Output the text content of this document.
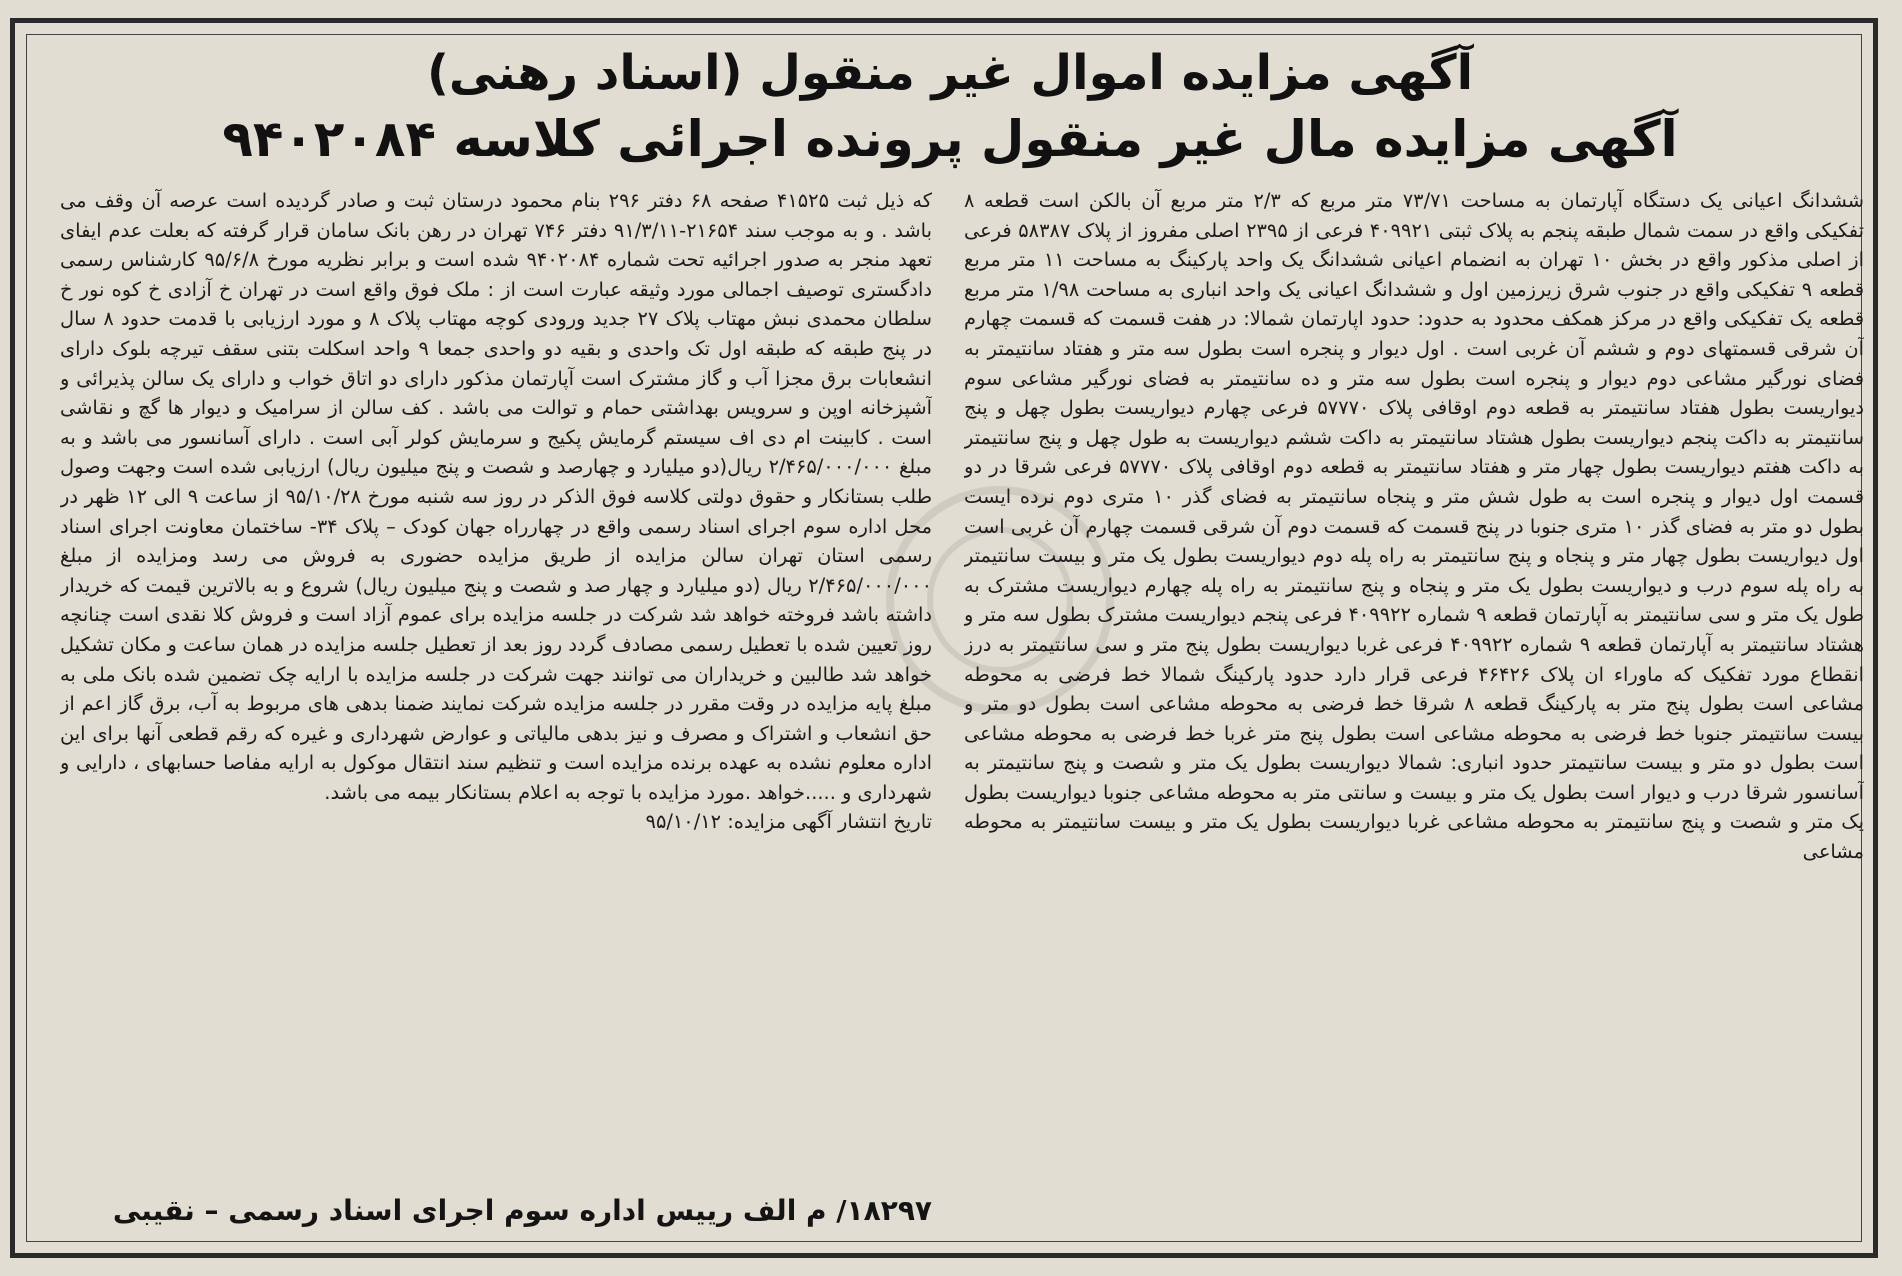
آگهی مزایده اموال غیر منقول (اسناد رهنی)
آگهی مزایده مال غیر منقول پرونده اجرائی کلاسه ۹۴۰۲۰۸۴

ششدانگ اعیانی یک دستگاه آپارتمان به مساحت ۷۳/۷۱ متر مربع که ۲/۳ متر مربع آن بالکن است قطعه ۸ تفکیکی واقع در سمت شمال طبقه پنجم به پلاک ثبتی ۴۰۹۹۲۱ فرعی از ۲۳۹۵ اصلی مفروز از پلاک ۵۸۳۸۷ فرعی از اصلی مذکور واقع در بخش ۱۰ تهران به انضمام اعیانی ششدانگ یک واحد پارکینگ به مساحت ۱۱ متر مربع قطعه ۹ تفکیکی واقع در جنوب شرق زیرزمین اول و ششدانگ اعیانی یک واحد انباری به مساحت ۱/۹۸ متر مربع قطعه یک تفکیکی واقع در مرکز همکف محدود به حدود: حدود اپارتمان شمالا: در هفت قسمت که قسمت چهارم آن شرقی قسمتهای دوم و ششم آن غربی است . اول دیوار و پنجره است بطول سه متر و هفتاد سانتیمتر به فضای نورگیر مشاعی دوم دیوار و پنجره است بطول سه متر و ده سانتیمتر به فضای نورگیر مشاعی سوم دیواریست بطول هفتاد سانتیمتر به قطعه دوم اوقافی پلاک ۵۷۷۷۰ فرعی چهارم دیواریست بطول چهل و پنج سانتیمتر به داکت پنجم دیواریست بطول هشتاد سانتیمتر به داکت ششم دیواریست به طول چهل و پنج سانتیمتر به داکت هفتم دیواریست بطول چهار متر و هفتاد سانتیمتر به قطعه دوم اوقافی پلاک ۵۷۷۷۰ فرعی شرقا در دو قسمت اول دیوار و پنجره است به طول شش متر و پنجاه سانتیمتر به فضای گذر ۱۰ متری دوم نرده ایست بطول دو متر به فضای گذر ۱۰ متری جنوبا در پنج قسمت که قسمت دوم آن شرقی قسمت چهارم آن غربی است اول دیواریست بطول چهار متر و پنجاه و پنج سانتیمتر به راه پله دوم دیواریست بطول یک متر و بیست سانتیمتر به راه پله سوم درب و دیواریست بطول یک متر و پنجاه و پنج سانتیمتر به راه پله چهارم دیواریست مشترک به طول یک متر و سی سانتیمتر به آپارتمان قطعه ۹ شماره ۴۰۹۹۲۲ فرعی پنجم دیواریست مشترک بطول سه متر و هشتاد سانتیمتر به آپارتمان قطعه ۹ شماره ۴۰۹۹۲۲ فرعی غربا دیواریست بطول پنج متر و سی سانتیمتر به درز انقطاع مورد تفکیک که ماوراء ان پلاک ۴۶۴۲۶ فرعی قرار دارد حدود پارکینگ شمالا خط فرضی به محوطه مشاعی است بطول پنج متر به پارکینگ قطعه ۸ شرقا خط فرضی به محوطه مشاعی است بطول دو متر و بیست سانتیمتر جنوبا خط فرضی به محوطه مشاعی است بطول پنج متر غربا خط فرضی به محوطه مشاعی است بطول دو متر و بیست سانتیمتر حدود انباری: شمالا دیواریست بطول یک متر و شصت و پنج سانتیمتر به آسانسور شرقا درب و دیوار است بطول یک متر و بیست و سانتی متر به محوطه مشاعی جنوبا دیواریست بطول یک متر و شصت و پنج سانتیمتر به محوطه مشاعی غربا دیواریست بطول یک متر و بیست سانتیمتر به محوطه مشاعی

که ذیل ثبت ۴۱۵۲۵ صفحه ۶۸ دفتر ۲۹۶ بنام محمود درستان ثبت و صادر گردیده است عرصه آن وقف می باشد . و به موجب سند ۲۱۶۵۴-۹۱/۳/۱۱ دفتر ۷۴۶ تهران در رهن بانک سامان قرار گرفته که بعلت عدم ایفای تعهد منجر به صدور اجرائیه تحت شماره ۹۴۰۲۰۸۴ شده است و برابر نظریه مورخ ۹۵/۶/۸ کارشناس رسمی دادگستری توصیف اجمالی مورد وثیقه عبارت است از : ملک فوق واقع است در تهران خ آزادی خ کوه نور خ سلطان محمدی نبش مهتاب پلاک ۲۷ جدید ورودی کوچه مهتاب پلاک ۸ و مورد ارزیابی با قدمت حدود ۸ سال در پنج طبقه که طبقه اول تک واحدی و بقیه دو واحدی جمعا ۹ واحد اسکلت بتنی سقف تیرچه بلوک دارای انشعابات برق مجزا آب و گاز مشترک است آپارتمان مذکور دارای دو اتاق خواب و دارای یک سالن پذیرائی و آشپزخانه اوپن و سرویس بهداشتی حمام و توالت می باشد . کف سالن از سرامیک و دیوار ها گچ و نقاشی است . کابینت ام دی اف سیستم گرمایش پکیج و سرمایش کولر آبی است . دارای آسانسور می باشد و به مبلغ ۲/۴۶۵/۰۰۰/۰۰۰ ریال(دو میلیارد و چهارصد و شصت و پنج میلیون ریال) ارزیابی شده است وجهت وصول طلب بستانکار و حقوق دولتی کلاسه فوق الذکر در روز سه شنبه مورخ ۹۵/۱۰/۲۸ از ساعت ۹ الی ۱۲ ظهر در محل اداره سوم اجرای اسناد رسمی واقع در چهارراه جهان کودک – پلاک ۳۴- ساختمان معاونت اجرای اسناد رسمی استان تهران سالن مزایده از طریق مزایده حضوری به فروش می رسد ومزایده از مبلغ ۲/۴۶۵/۰۰۰/۰۰۰ ریال (دو میلیارد و چهار صد و شصت و پنج میلیون ریال) شروع و به بالاترین قیمت که خریدار داشته باشد فروخته خواهد شد شرکت در جلسه مزایده برای عموم آزاد است و فروش کلا نقدی است چنانچه روز تعیین شده با تعطیل رسمی مصادف گردد روز بعد از تعطیل جلسه مزایده در همان ساعت و مکان تشکیل خواهد شد طالبین و خریداران می توانند جهت شرکت در جلسه مزایده با ارایه چک تضمین شده بانک ملی به مبلغ پایه مزایده در وقت مقرر در جلسه مزایده شرکت نمایند ضمنا بدهی های مربوط به آب، برق گاز اعم از حق انشعاب و اشتراک و مصرف و نیز بدهی مالیاتی و عوارض شهرداری و غیره که رقم قطعی آنها برای این اداره معلوم نشده به عهده برنده مزایده است و تنظیم سند انتقال موکول به ارایه مفاصا حسابهای ، دارایی و شهرداری و .....خواهد .مورد مزایده با توجه به اعلام بستانکار بیمه می باشد.

تاریخ انتشار آگهی مزایده: ۹۵/۱۰/۱۲

۱۸۲۹۷/ م الف رییس اداره سوم اجرای اسناد رسمی – نقیبی
